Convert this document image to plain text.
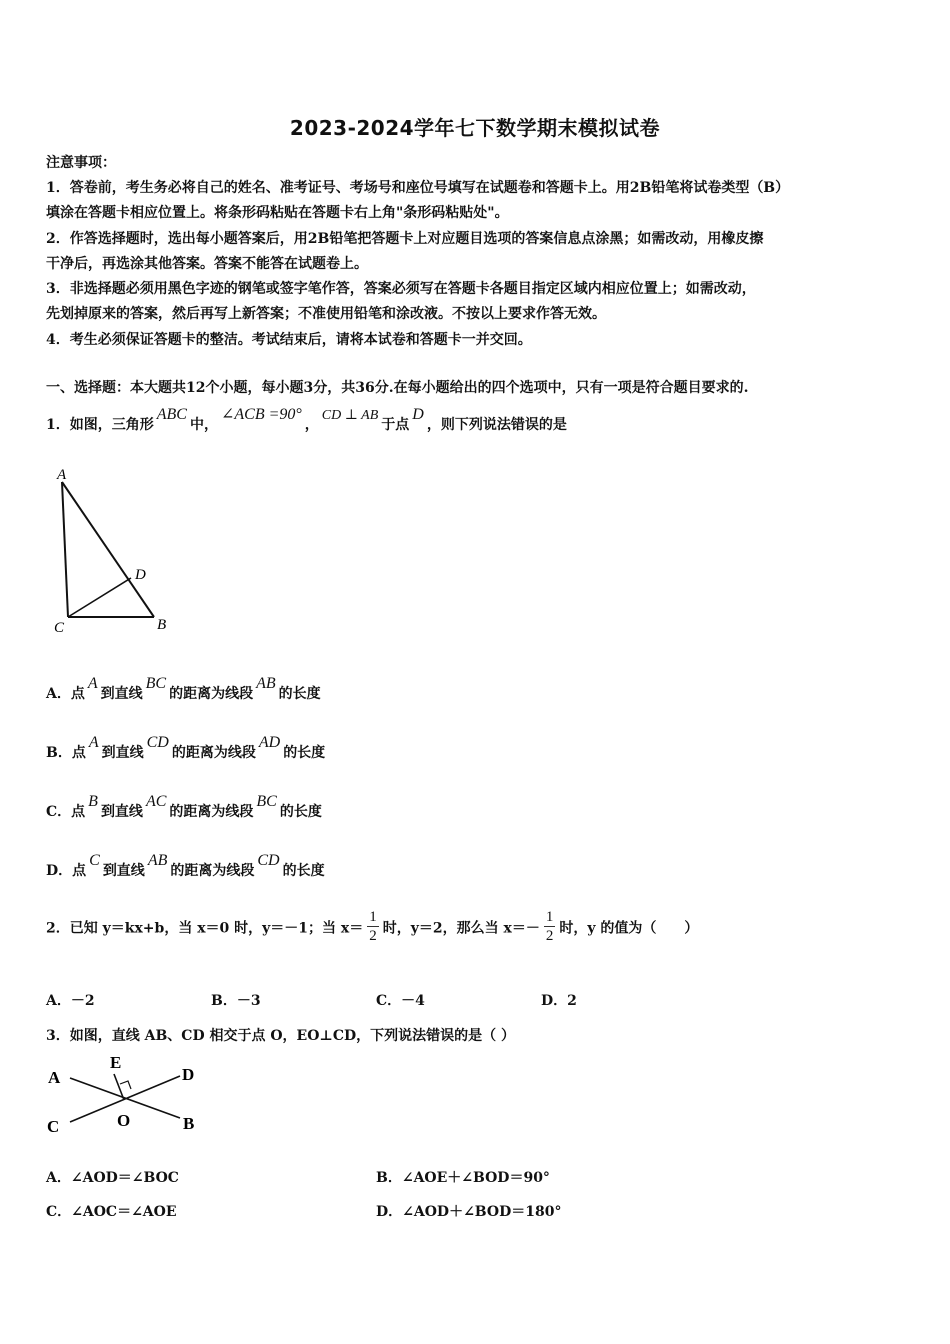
2023-2024学年七下数学期末模拟试卷
注意事项：
1．答卷前，考生务必将自己的姓名、准考证号、考场号和座位号填写在试题卷和答题卡上。用2B铅笔将试卷类型（B）
填涂在答题卡相应位置上。将条形码粘贴在答题卡右上角"条形码粘贴处"。
2．作答选择题时，选出每小题答案后，用2B铅笔把答题卡上对应题目选项的答案信息点涂黑；如需改动，用橡皮擦
干净后，再选涂其他答案。答案不能答在试题卷上。
3．非选择题必须用黑色字迹的钢笔或签字笔作答，答案必须写在答题卡各题目指定区域内相应位置上；如需改动，
先划掉原来的答案，然后再写上新答案；不准使用铅笔和涂改液。不按以上要求作答无效。
4．考生必须保证答题卡的整洁。考试结束后，请将本试卷和答题卡一并交回。
一、选择题：本大题共12个小题，每小题3分，共36分.在每小题给出的四个选项中，只有一项是符合题目要求的.
1．如图，三角形ABC中，∠ACB =90°，CD ⊥ AB于点D，则下列说法错误的是
A
C	B
D
A．点A到直线BC的距离为线段AB的长度
B．点A到直线CD的距离为线段AD的长度
C．点B到直线AC的距离为线段BC的长度
D．点C到直线AB的距离为线段CD的长度
2．已知 y＝kx+b，当 x＝0 时，y＝－1；当 $x= \frac{1}{2}$ 时，y＝2，那么当 $x=- \frac{1}{2}$ 时，y 的值为（　　）
A．－2	B．－3	C．－4	D．2
3．如图，直线 AB、CD 相交于点 O，EO⊥CD，下列说法错误的是（ ）
A
E
D
C	O	B
A．∠AOD＝∠BOC	B．∠AOE＋∠BOD＝90°
C．∠AOC＝∠AOE	D．∠AOD＋∠BOD＝180°
